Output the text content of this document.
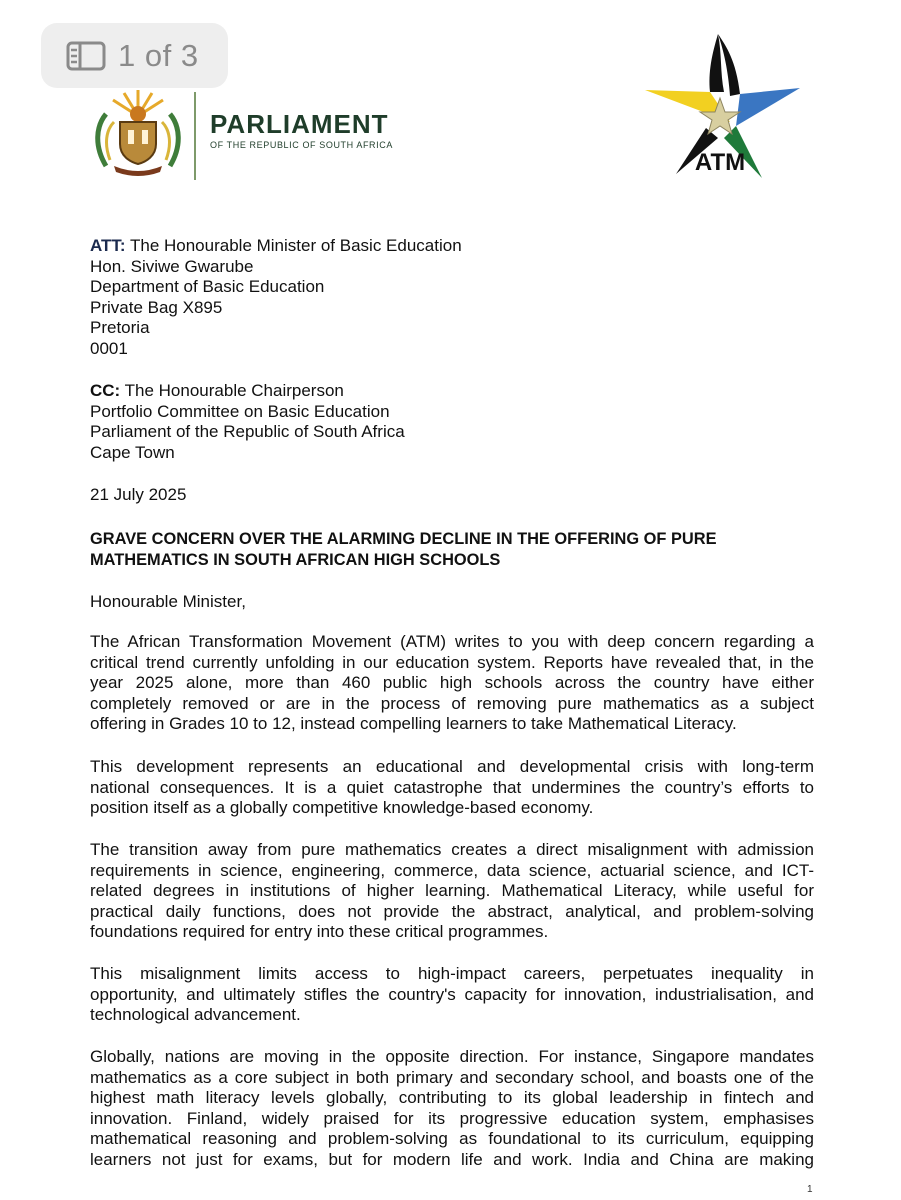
1 of 3
PARLIAMENT
OF THE REPUBLIC OF SOUTH AFRICA
ATM
ATT: The Honourable Minister of Basic Education
Hon. Siviwe Gwarube
Department of Basic Education
Private Bag X895
Pretoria
0001
CC: The Honourable Chairperson
Portfolio Committee on Basic Education
Parliament of the Republic of South Africa
Cape Town
21 July 2025
GRAVE CONCERN OVER THE ALARMING DECLINE IN THE OFFERING OF PURE
MATHEMATICS IN SOUTH AFRICAN HIGH SCHOOLS
Honourable Minister,
The African Transformation Movement (ATM) writes to you with deep concern regarding a
critical trend currently unfolding in our education system. Reports have revealed that, in the
year 2025 alone, more than 460 public high schools across the country have either
completely removed or are in the process of removing pure mathematics as a subject
offering in Grades 10 to 12, instead compelling learners to take Mathematical Literacy.
This development represents an educational and developmental crisis with long-term
national consequences. It is a quiet catastrophe that undermines the country’s efforts to
position itself as a globally competitive knowledge-based economy.
The transition away from pure mathematics creates a direct misalignment with admission
requirements in science, engineering, commerce, data science, actuarial science, and ICT-
related degrees in institutions of higher learning. Mathematical Literacy, while useful for
practical daily functions, does not provide the abstract, analytical, and problem-solving
foundations required for entry into these critical programmes.
This misalignment limits access to high-impact careers, perpetuates inequality in
opportunity, and ultimately stifles the country's capacity for innovation, industrialisation, and
technological advancement.
Globally, nations are moving in the opposite direction. For instance, Singapore mandates
mathematics as a core subject in both primary and secondary school, and boasts one of the
highest math literacy levels globally, contributing to its global leadership in fintech and
innovation. Finland, widely praised for its progressive education system, emphasises
mathematical reasoning and problem-solving as foundational to its curriculum, equipping
learners not just for exams, but for modern life and work. India and China are making
1
